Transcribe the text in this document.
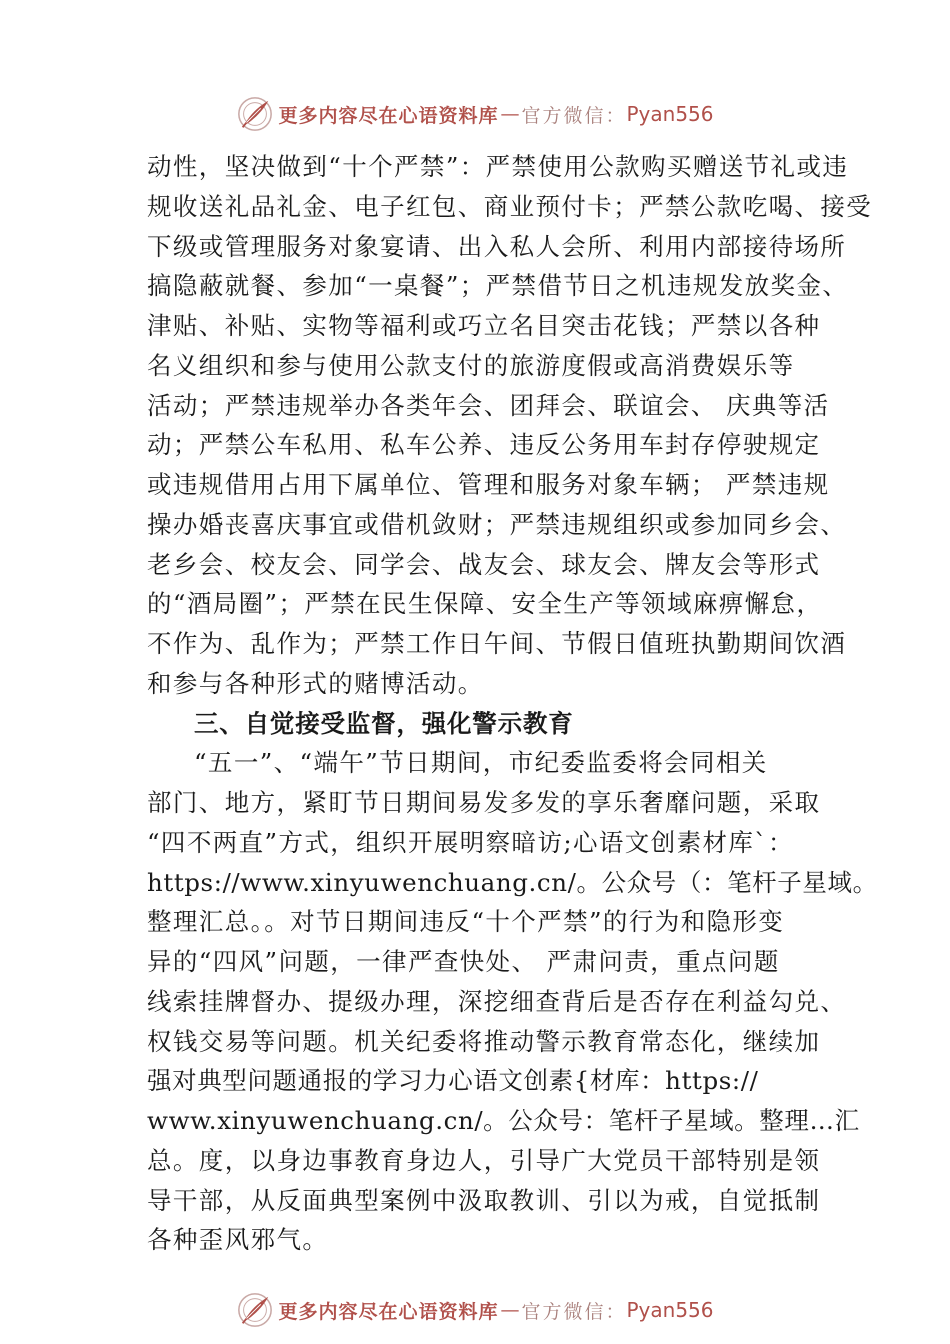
更多内容尽在心语资料库 — 官方微信： Pyan556
动性，坚决做到“十个严禁”：严禁使用公款购买赠送节礼或违
规收送礼品礼金、电子红包、商业预付卡；严禁公款吃喝、接受
下级或管理服务对象宴请、出入私人会所、利用内部接待场所
搞隐蔽就餐、参加“一桌餐”；严禁借节日之机违规发放奖金、
津贴、补贴、实物等福利或巧立名目突击花钱；严禁以各种
名义组织和参与使用公款支付的旅游度假或高消费娱乐等
活动；严禁违规举办各类年会、团拜会、联谊会、 庆典等活
动；严禁公车私用、私车公养、违反公务用车封存停驶规定
或违规借用占用下属单位、管理和服务对象车辆； 严禁违规
操办婚丧喜庆事宜或借机敛财；严禁违规组织或参加同乡会、
老乡会、校友会、同学会、战友会、球友会、牌友会等形式
的“酒局圈”；严禁在民生保障、安全生产等领域麻痹懈怠，
不作为、乱作为；严禁工作日午间、节假日值班执勤期间饮酒
和参与各种形式的赌博活动。
三、自觉接受监督，强化警示教育
“五一”、“端午”节日期间，市纪委监委将会同相关
部门、地方，紧盯节日期间易发多发的享乐奢靡问题，采取
“四不两直”方式，组织开展明察暗访;心语文创素材库`：
https://www.xinyuwenchuang.cn/。公众号（：笔杆子星域。
整理汇总。。对节日期间违反“十个严禁”的行为和隐形变
异的“四风”问题，一律严查快处、 严肃问责，重点问题
线索挂牌督办、提级办理，深挖细查背后是否存在利益勾兑、
权钱交易等问题。机关纪委将推动警示教育常态化，继续加
强对典型问题通报的学习力心语文创素{材库：https://
www.xinyuwenchuang.cn/。公众号：笔杆子星域。整理…汇
总。度，以身边事教育身边人，引导广大党员干部特别是领
导干部，从反面典型案例中汲取教训、引以为戒，自觉抵制
各种歪风邪气。
更多内容尽在心语资料库 — 官方微信： Pyan556
